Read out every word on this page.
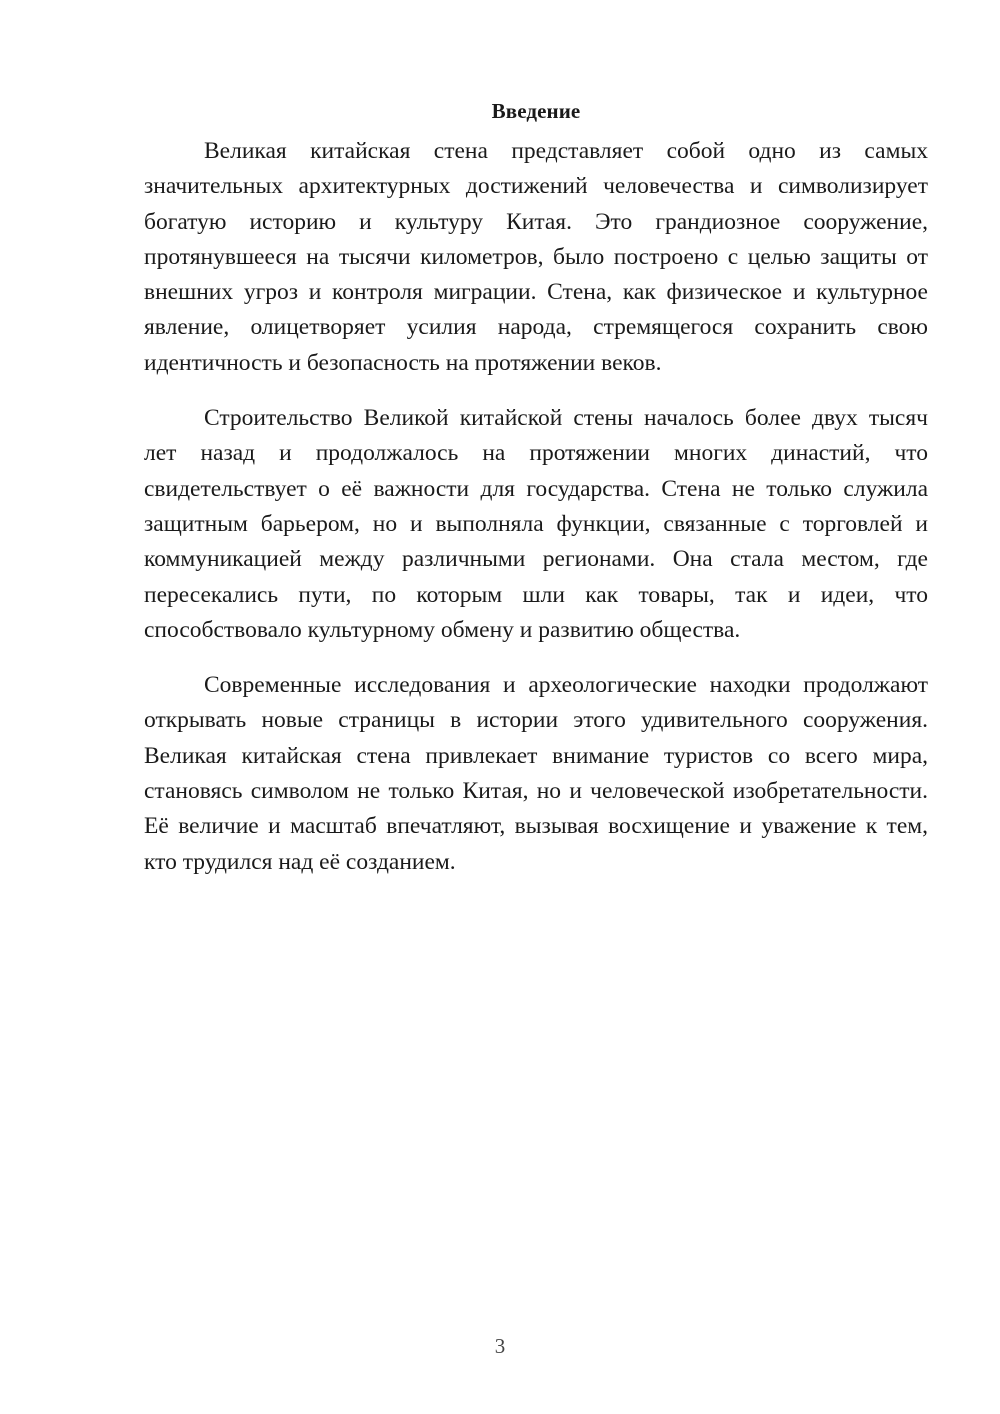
Введение

Великая китайская стена представляет собой одно из самых значительных архитектурных достижений человечества и символизирует богатую историю и культуру Китая. Это грандиозное сооружение, протянувшееся на тысячи километров, было построено с целью защиты от внешних угроз и контроля миграции. Стена, как физическое и культурное явление, олицетворяет усилия народа, стремящегося сохранить свою идентичность и безопасность на протяжении веков.

Строительство Великой китайской стены началось более двух тысяч лет назад и продолжалось на протяжении многих династий, что свидетельствует о её важности для государства. Стена не только служила защитным барьером, но и выполняла функции, связанные с торговлей и коммуникацией между различными регионами. Она стала местом, где пересекались пути, по которым шли как товары, так и идеи, что способствовало культурному обмену и развитию общества.

Современные исследования и археологические находки продолжают открывать новые страницы в истории этого удивительного сооружения. Великая китайская стена привлекает внимание туристов со всего мира, становясь символом не только Китая, но и человеческой изобретательности. Её величие и масштаб впечатляют, вызывая восхищение и уважение к тем, кто трудился над её созданием.

3
